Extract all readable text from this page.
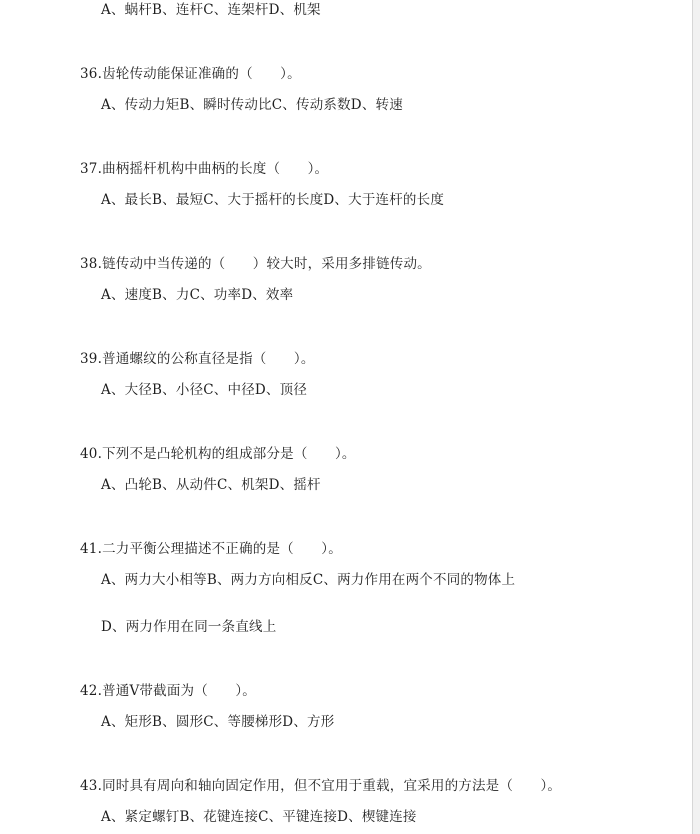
A、蜗杆B、连杆C、连架杆D、机架
36.齿轮传动能保证准确的（　　）。
A、传动力矩B、瞬时传动比C、传动系数D、转速
37.曲柄摇杆机构中曲柄的长度（　　）。
A、最长B、最短C、大于摇杆的长度D、大于连杆的长度
38.链传动中当传递的（　　）较大时，采用多排链传动。
A、速度B、力C、功率D、效率
39.普通螺纹的公称直径是指（　　）。
A、大径B、小径C、中径D、顶径
40.下列不是凸轮机构的组成部分是（　　）。
A、凸轮B、从动件C、机架D、摇杆
41.二力平衡公理描述不正确的是（　　）。
A、两力大小相等B、两力方向相反C、两力作用在两个不同的物体上
D、两力作用在同一条直线上
42.普通V带截面为（　　）。
A、矩形B、圆形C、等腰梯形D、方形
43.同时具有周向和轴向固定作用，但不宜用于重载，宜采用的方法是（　　）。
A、紧定螺钉B、花键连接C、平键连接D、楔键连接
